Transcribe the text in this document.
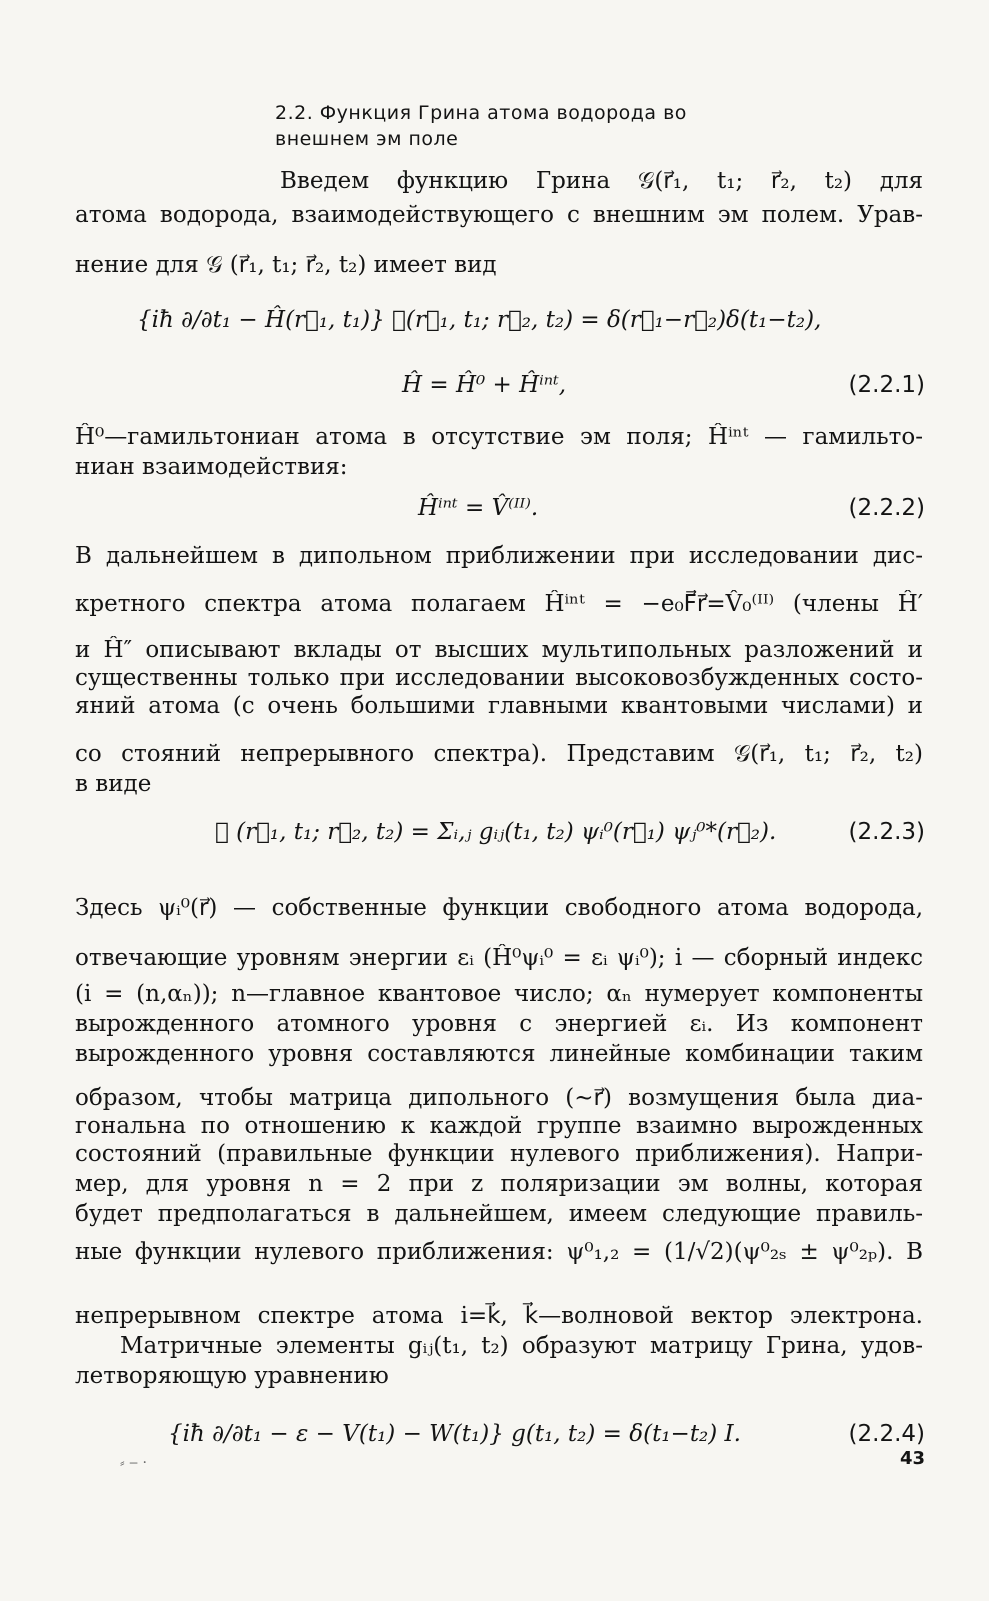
2.2. Функция Грина атома водорода во внешнем эм поле
Введем функцию Грина 𝒢(r⃗₁, t₁; r⃗₂, t₂) для
атома водорода, взаимодействующего с внешним эм полем. Урав-
нение для 𝒢 (r⃗₁, t₁; r⃗₂, t₂) имеет вид
{iħ ∂/∂t₁ − Ĥ(r⃗₁, t₁)} 𝒢(r⃗₁, t₁; r⃗₂, t₂) = δ(r⃗₁−r⃗₂)δ(t₁−t₂),
Ĥ = Ĥ⁰ + Ĥⁱⁿᵗ,	(2.2.1)
Ĥ⁰—гамильтониан атома в отсутствие эм поля; Ĥⁱⁿᵗ — гамильто-
ниан взаимодействия:
Ĥⁱⁿᵗ = V̂⁽ᴵᴵ⁾.	(2.2.2)
В дальнейшем в дипольном приближении при исследовании дис-
кретного спектра атома полагаем Ĥⁱⁿᵗ = −e₀F⃗r⃗=V̂₀⁽ᴵᴵ⁾ (члены Ĥ′
и Ĥ″ описывают вклады от высших мультипольных разложений и
существенны только при исследовании высоковозбужденных состо-
яний атома (с очень большими главными квантовыми числами) и
со стояний непрерывного спектра). Представим 𝒢(r⃗₁, t₁; r⃗₂, t₂)
в виде
𝒢 (r⃗₁, t₁; r⃗₂, t₂) = Σᵢ,ⱼ gᵢⱼ(t₁, t₂) ψᵢ⁰(r⃗₁) ψⱼ⁰*(r⃗₂).	(2.2.3)
Здесь ψᵢ⁰(r⃗) — собственные функции свободного атома водорода,
отвечающие уровням энергии εᵢ (Ĥ⁰ψᵢ⁰ = εᵢ ψᵢ⁰); i — сборный индекс
(i = (n,αₙ)); n—главное квантовое число; αₙ нумерует компоненты
вырожденного атомного уровня с энергией εᵢ. Из компонент
вырожденного уровня составляются линейные комбинации таким
образом, чтобы матрица дипольного (∼r⃗) возмущения была диа-
гональна по отношению к каждой группе взаимно вырожденных
состояний (правильные функции нулевого приближения). Напри-
мер, для уровня n = 2 при z поляризации эм волны, которая
будет предполагаться в дальнейшем, имеем следующие правиль-
ные функции нулевого приближения: ψ⁰₁,₂ = (1/√2)(ψ⁰₂ₛ ± ψ⁰₂ₚ). В
непрерывном спектре атома i=k⃗, k⃗—волновой вектор электрона.
Матричные элементы gᵢⱼ(t₁, t₂) образуют матрицу Грина, удов-
летворяющую уравнению
{iħ ∂/∂t₁ − ε − V(t₁) − W(t₁)} g(t₁, t₂) = δ(t₁−t₂) I.	(2.2.4)
43
⸗ ‒ ·
